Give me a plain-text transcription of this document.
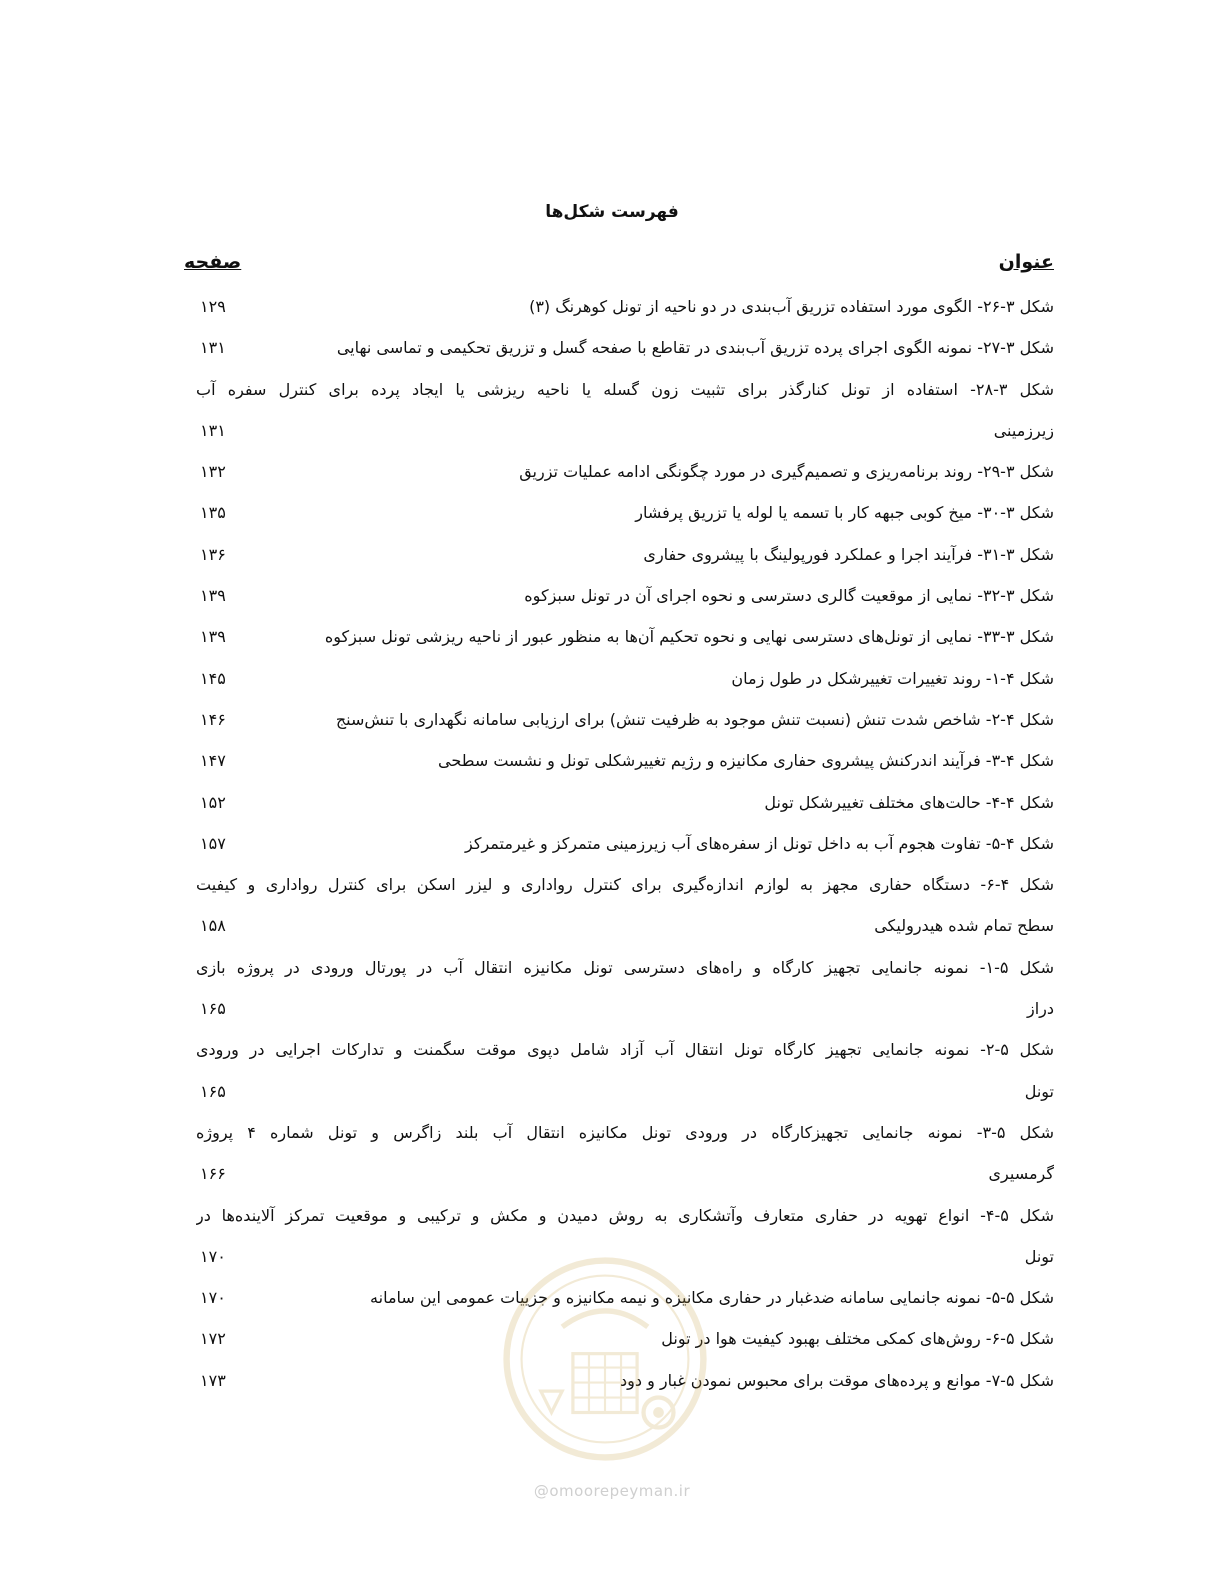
فهرست شکل‌ها
عنوان
صفحه
شکل ۳-۲۶- الگوی مورد استفاده تزریق آب‌بندی در دو ناحیه از تونل کوهرنگ (۳)
۱۲۹
شکل ۳-۲۷- نمونه الگوی اجرای پرده تزریق آب‌بندی در تقاطع با صفحه گسل و تزریق تحکیمی و تماسی نهایی
۱۳۱
شکل ۳-۲۸- استفاده از تونل کنارگذر برای تثبیت زون گسله یا ناحیه ریزشی یا ایجاد پرده برای کنترل سفره آب
زیرزمینی
۱۳۱
شکل ۳-۲۹- روند برنامه‌ریزی و تصمیم‌گیری در مورد چگونگی ادامه عملیات تزریق
۱۳۲
شکل ۳-۳۰- میخ کوبی جبهه کار با تسمه یا لوله یا تزریق پرفشار
۱۳۵
شکل ۳-۳۱- فرآیند اجرا و عملکرد فورپولینگ با پیشروی حفاری
۱۳۶
شکل ۳-۳۲- نمایی از موقعیت گالری دسترسی و نحوه اجرای آن در تونل سبزکوه
۱۳۹
شکل ۳-۳۳- نمایی از تونل‌های دسترسی نهایی و نحوه تحکیم آن‌ها به منظور عبور از ناحیه ریزشی تونل سبزکوه
۱۳۹
شکل ۴-۱- روند تغییرات تغییرشکل در طول زمان
۱۴۵
شکل ۴-۲- شاخص شدت تنش (نسبت تنش موجود به ظرفیت تنش) برای ارزیابی سامانه نگهداری با تنش‌سنج
۱۴۶
شکل ۴-۳- فرآیند اندرکنش پیشروی حفاری مکانیزه و رژیم تغییرشکلی تونل و نشست سطحی
۱۴۷
شکل ۴-۴- حالت‌های مختلف تغییرشکل تونل
۱۵۲
شکل ۴-۵- تفاوت هجوم آب به داخل تونل از سفره‌های آب زیرزمینی متمرکز و غیرمتمرکز
۱۵۷
شکل ۴-۶- دستگاه حفاری مجهز به لوازم اندازه‌گیری برای کنترل رواداری و لیزر اسکن برای کنترل رواداری و کیفیت
سطح تمام شده هیدرولیکی
۱۵۸
شکل ۵-۱- نمونه جانمایی تجهیز کارگاه و راه‌های دسترسی تونل مکانیزه انتقال آب در پورتال ورودی در پروژه بازی
دراز
۱۶۵
شکل ۵-۲- نمونه جانمایی تجهیز کارگاه تونل انتقال آب آزاد شامل دپوی موقت سگمنت و تدارکات اجرایی در ورودی
تونل
۱۶۵
شکل ۵-۳- نمونه جانمایی تجهیزکارگاه در ورودی تونل مکانیزه انتقال آب بلند زاگرس و تونل شماره ۴ پروژه
گرمسیری
۱۶۶
شکل ۵-۴- انواع تهویه در حفاری متعارف وآتشکاری به روش دمیدن و مکش و ترکیبی و موقعیت تمرکز آلاینده‌ها در
تونل
۱۷۰
شکل ۵-۵- نمونه جانمایی سامانه ضدغبار در حفاری مکانیزه و نیمه مکانیزه و جزییات عمومی این سامانه
۱۷۰
شکل ۵-۶- روش‌های کمکی مختلف بهبود کیفیت هوا در تونل
۱۷۲
شکل ۵-۷- موانع و پرده‌های موقت برای محبوس نمودن غبار و دود
۱۷۳
@omoorepeyman.ir
